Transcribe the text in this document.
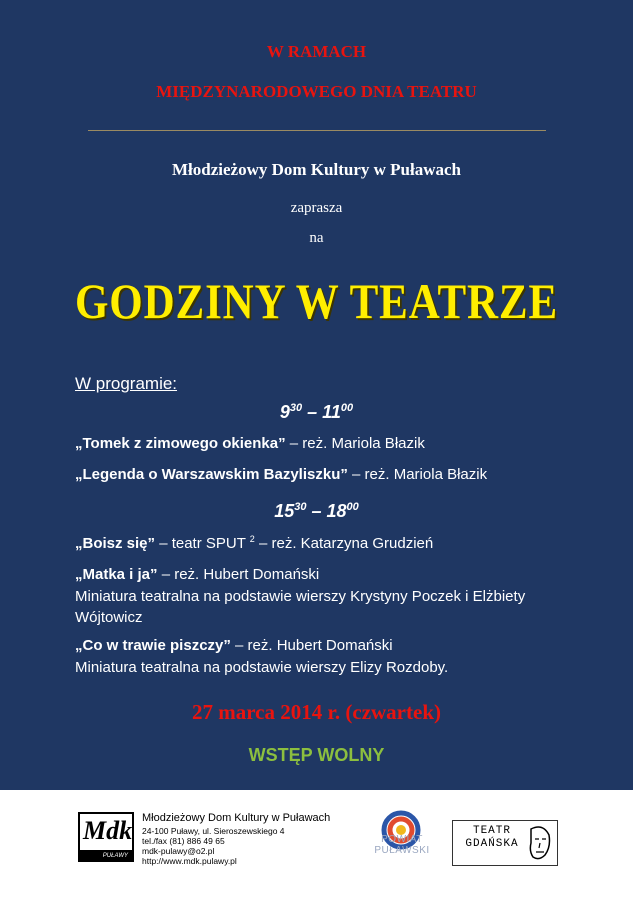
W RAMACH
MIĘDZYNARODOWEGO DNIA TEATRU
Młodzieżowy Dom Kultury w Puławach
zaprasza
na
GODZINY W TEATRZE
W programie:
$9^{30} - 11^{00}$
„Tomek z zimowego okienka” – reż. Mariola Błazik
„Legenda o Warszawskim Bazyliszku” – reż. Mariola Błazik
$15^{30} - 18^{00}$
„Boisz się” – teatr SPUT $^2$ – reż. Katarzyna Grudzień
„Matka i ja” – reż. Hubert Domański
Miniatura teatralna na podstawie wierszy Krystyny Poczek i Elżbiety
Wójtowicz
„Co w trawie piszczy” – reż. Hubert Domański
Miniatura teatralna na podstawie wierszy Elizy Rozdoby.
27 marca 2014 r. (czwartek)
WSTĘP WOLNY
Mdk
PUŁAWY
Młodzieżowy Dom Kultury w Puławach
24-100 Puławy, ul. Sieroszewskiego 4
tel./fax (81) 886 49 65
mdk-pulawy@o2.pl
http://www.mdk.pulawy.pl
POWIAT
PUŁAWSKI
TEATR
GDAŃSKA
